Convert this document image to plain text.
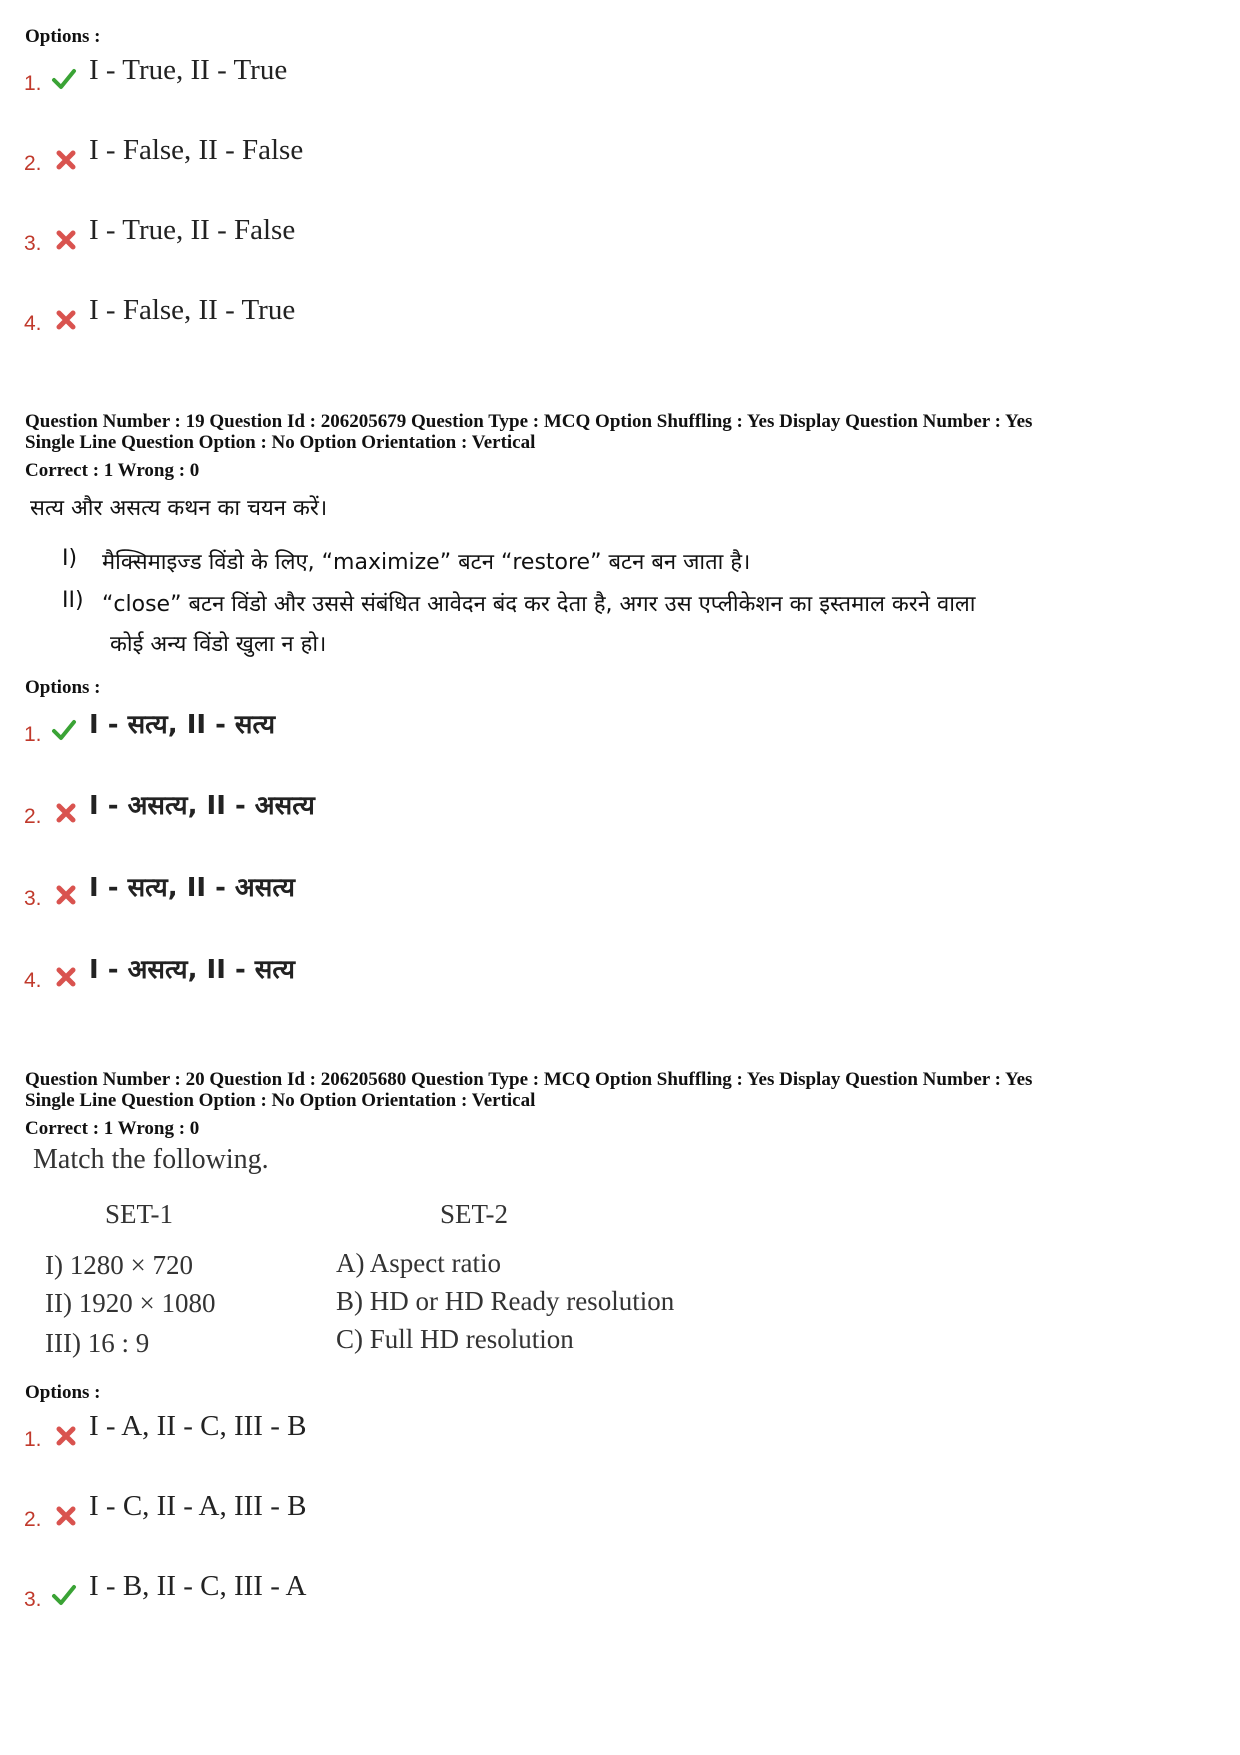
Options :
1. I - True, II - True
2. I - False, II - False
3. I - True, II - False
4. I - False, II - True
Question Number : 19 Question Id : 206205679 Question Type : MCQ Option Shuffling : Yes Display Question Number : Yes
Single Line Question Option : No Option Orientation : Vertical
Correct : 1 Wrong : 0
सत्य और असत्य कथन का चयन करें।
I) मैक्सिमाइज्ड विंडो के लिए, “maximize” बटन “restore” बटन बन जाता है।
II) “close” बटन विंडो और उससे संबंधित आवेदन बंद कर देता है, अगर उस एप्लीकेशन का इस्तमाल करने वाला
कोई अन्य विंडो खुला न हो।
Options :
1. I - सत्य, II - सत्य
2. I - असत्य, II - असत्य
3. I - सत्य, II - असत्य
4. I - असत्य, II - सत्य
Question Number : 20 Question Id : 206205680 Question Type : MCQ Option Shuffling : Yes Display Question Number : Yes
Single Line Question Option : No Option Orientation : Vertical
Correct : 1 Wrong : 0
Match the following.
SET-1	SET-2
I) 1280 × 720
II) 1920 × 1080
III) 16 : 9
A) Aspect ratio
B) HD or HD Ready resolution
C) Full HD resolution
Options :
1. I - A, II - C, III - B
2. I - C, II - A, III - B
3. I - B, II - C, III - A
